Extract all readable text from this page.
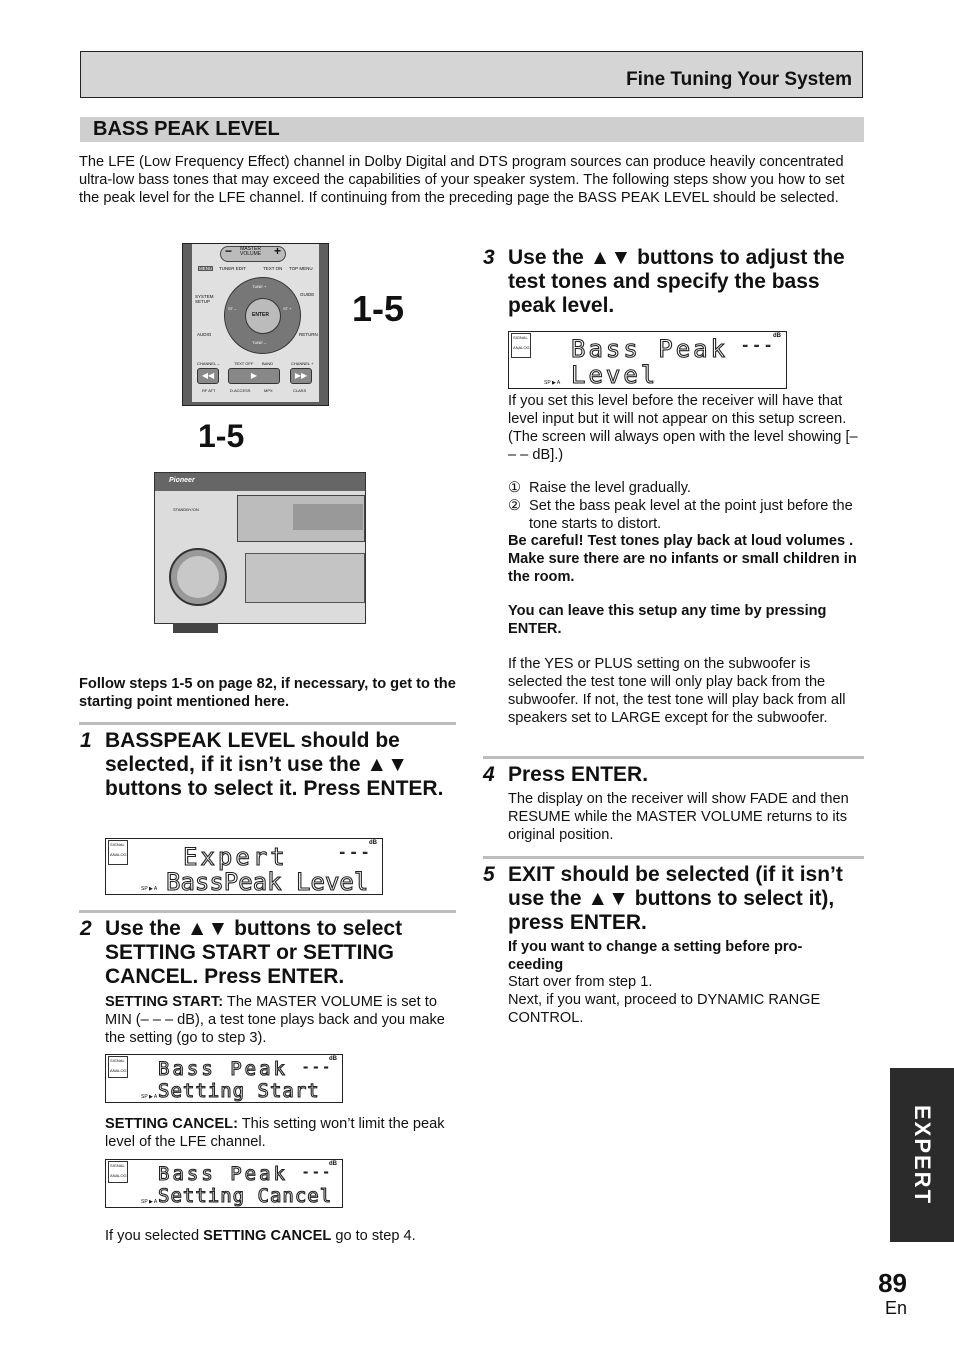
Fine Tuning Your System
BASS PEAK LEVEL
The LFE (Low Frequency Effect) channel in Dolby Digital and DTS program sources can produce heavily concentrated ultra-low bass tones that may exceed the capabilities of your speaker system. The following steps show you how to set the peak level for the LFE channel. If continuing from the preceding page the BASS PEAK LEVEL should be selected.
−	+
MASTER
VOLUME
MENU TUNER EDIT	TEXT ON TOP MENU
ENTER
TUNE +
TUNE –
ST –	ST +
SYSTEM SETUP
GUIDE
AUDIO	RETURN
CHANNEL –	TEXT OFF BAND	CHANNEL +
◀◀	▶	▶▶
RF ATT	D.ACCESS	MPX	CLASS
1-5
1-5
Pioneer
STANDBY/ON
Follow steps 1-5 on page 82, if necessary, to get to the starting point mentioned here.
1 BASSPEAK LEVEL should be selected, if it isn’t use the ▲▼ buttons to select it. Press ENTER.
SIGNAL

ANALOG
dB
SP ▶ A
Expert	---
BassPeak Level
2 Use the ▲▼ buttons to select SETTING START or SETTING CANCEL. Press ENTER.
SETTING START: The MASTER VOLUME is set to MIN (– – – dB), a test tone plays back and you make the setting (go to step 3).
SIGNAL

ANALOG
dB
SP ▶ A
Bass Peak ---
Setting Start
SETTING CANCEL: This setting won’t limit the peak level of the LFE channel.
SIGNAL

ANALOG
dB
SP ▶ A
Bass Peak ---
Setting Cancel
If you selected SETTING CANCEL go to step 4.
3 Use the ▲▼ buttons to adjust the test tones and specify the bass peak level.
SIGNAL

ANALOG
dB
SP ▶ A
Bass Peak ---
Level
If you set this level before the receiver will have that level input but it will not appear on this setup screen. (The screen will always open with the level showing [– – – dB].)
① Raise the level gradually.
② Set the bass peak level at the point just before the tone starts to distort.
Be careful! Test tones play back at loud volumes . Make sure there are no infants or small children in the room.
You can leave this setup any time by pressing ENTER.
If the YES or PLUS setting on the subwoofer is selected the test tone will only play back from the subwoofer. If not, the test tone will play back from all speakers set to LARGE except for the subwoofer.
4 Press ENTER.
The display on the receiver will show FADE and then RESUME while the MASTER VOLUME returns to its original position.
5 EXIT should be selected (if it isn’t use the ▲▼ buttons to select it), press ENTER.
If you want to change a setting before pro-ceeding
Start over from step 1.
Next, if you want, proceed to DYNAMIC RANGE CONTROL.
EXPERT
89
En
